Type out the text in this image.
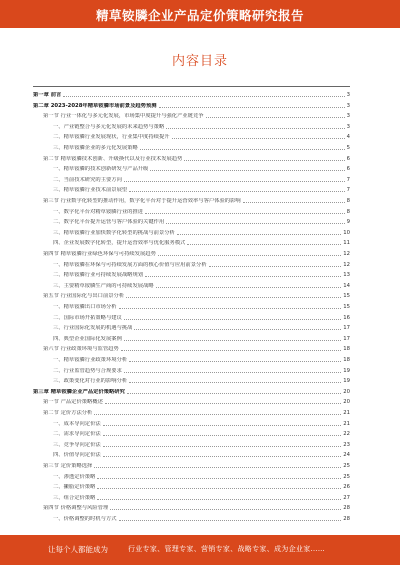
精草铵膦企业产品定价策略研究报告
内容目录
第一章 前言	3
第二章 2023-2028年精草铵膦市场前景及趋势预测	3
第一节 行业一体化与多元化发展，市场集中度提升与强化产业链竞争	3
一、产业链整合与多元化发展的未来趋势与策略	3
二、精草铵膦行业发展现状，行业集中度持续提升	4
三、精草铵膦企业的多元化发展策略	5
第二节 精草铵膦技术创新、升级换代以及行业技术发展趋势	6
一、精草铵膦的技术创新研发与产品升级	6
二、当前技术研究的主要方向	7
三、精草铵膦行业技术前景展望	7
第三节 行业数字化转型的推动作用，数字化平台对于提升运营效率与客户体验的影响	8
一、数字化平台对精草铵膦行业的推进	8
二、数字化平台提升运营与客户体验的关键作用	9
三、精草铵膦行业加快数字化转型的挑战与前景分析	10
四、企业发展数字化转型，提升运营效率与优化服务模式	11
第四节 精草铵膦行业绿色环保与可持续发展趋势	12
一、精草铵膦在环保与可持续发展方面的核心价值与应用前景分析	12
二、精草铵膦行业可持续发展战略规划	13
三、主要精草铵膦生产商的可持续发展战略	14
第五节 行业国际化与出口前景分析	15
一、精草铵膦出口市场分析	15
二、国际市场开拓策略与建议	16
三、行业国际化发展的机遇与挑战	17
四、典型企业国际化发展案例	17
第六节 行业政策环境与监管趋势	18
一、精草铵膦行业政策环境分析	18
二、行业监管趋势与合规要求	19
三、政策变化对行业的影响分析	19
第三章 精草铵膦企业产品定价策略研究	20
第一节 产品定价策略概述	20
第二节 定价方法分析	21
一、成本导向定价法	21
二、需求导向定价法	22
三、竞争导向定价法	23
四、价值导向定价法	24
第三节 定价策略选择	25
一、渗透定价策略	25
二、撇脂定价策略	26
三、组合定价策略	27
第四节 价格调整与风险管理	28
一、价格调整的时机与方式	28
让每个人都能成为	行业专家、管理专家、营销专家、战略专家、成为企业家……
